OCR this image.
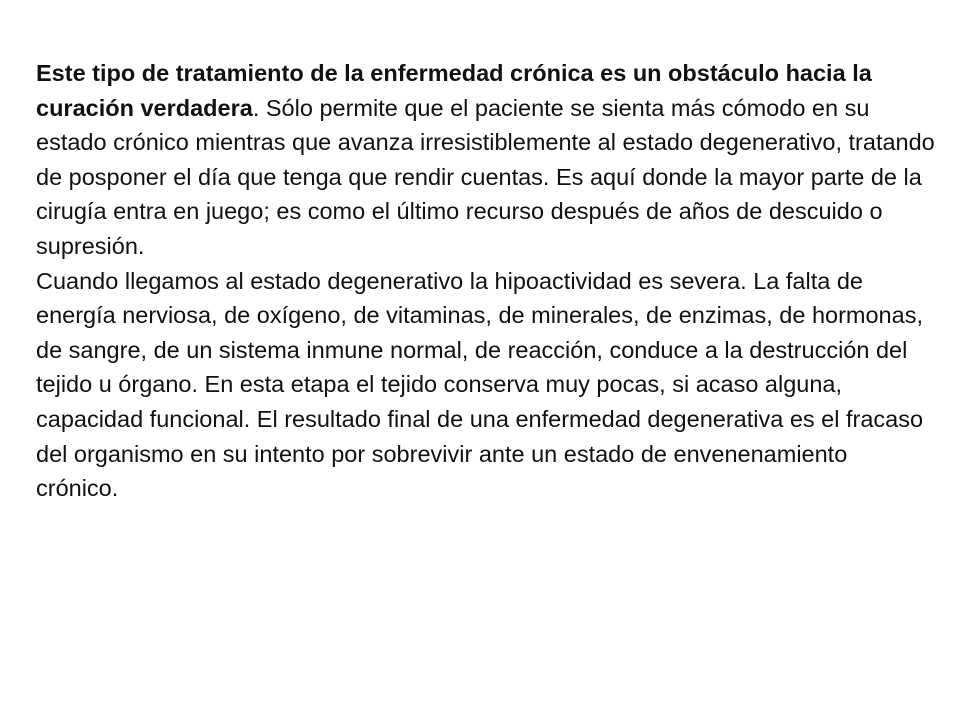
Este tipo de tratamiento de la enfermedad crónica es un obstáculo hacia la curación verdadera. Sólo permite que el paciente se sienta más cómodo en su estado crónico mientras que avanza irresistiblemente al estado degenerativo, tratando de posponer el día que tenga que rendir cuentas. Es aquí donde la mayor parte de la cirugía entra en juego; es como el último recurso después de años de descuido o supresión.

Cuando llegamos al estado degenerativo la hipoactividad es severa. La falta de energía nerviosa, de oxígeno, de vitaminas, de minerales, de enzimas, de hormonas, de sangre, de un sistema inmune normal, de reacción, conduce a la destrucción del tejido u órgano. En esta etapa el tejido conserva muy pocas, si acaso alguna, capacidad funcional. El resultado final de una enfermedad degenerativa es el fracaso del organismo en su intento por sobrevivir ante un estado de envenenamiento crónico.
